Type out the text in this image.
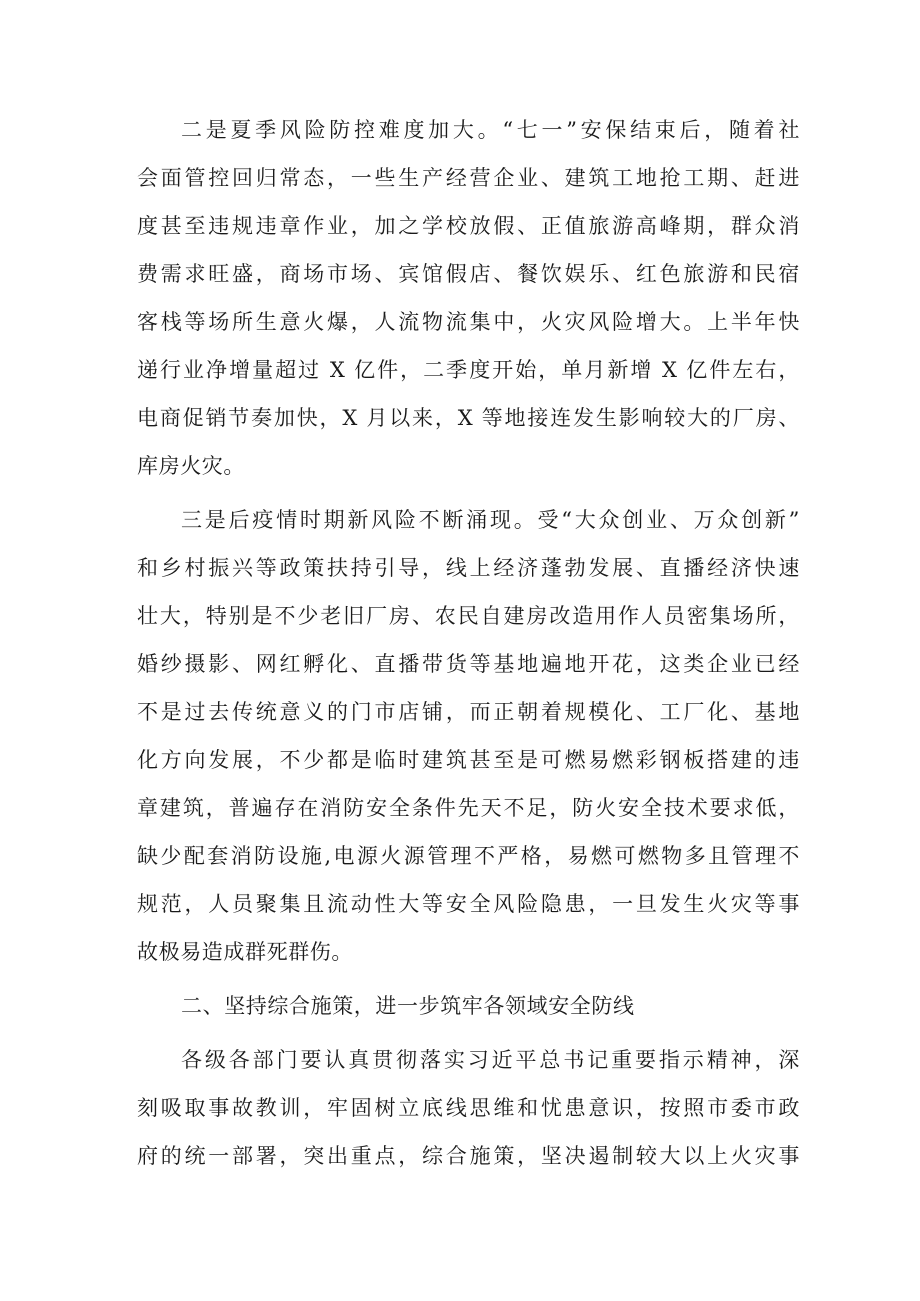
二是夏季风险防控难度加大。“七一”安保结束后，随着社
会面管控回归常态，一些生产经营企业、建筑工地抢工期、赶进
度甚至违规违章作业，加之学校放假、正值旅游高峰期，群众消
费需求旺盛，商场市场、宾馆假店、餐饮娱乐、红色旅游和民宿
客栈等场所生意火爆，人流物流集中，火灾风险增大。上半年快
递行业净增量超过 X 亿件，二季度开始，单月新增 X 亿件左右，
电商促销节奏加快，X 月以来，X 等地接连发生影响较大的厂房、
库房火灾。
三是后疫情时期新风险不断涌现。受“大众创业、万众创新”
和乡村振兴等政策扶持引导，线上经济蓬勃发展、直播经济快速
壮大，特别是不少老旧厂房、农民自建房改造用作人员密集场所，
婚纱摄影、网红孵化、直播带货等基地遍地开花，这类企业已经
不是过去传统意义的门市店铺，而正朝着规模化、工厂化、基地
化方向发展，不少都是临时建筑甚至是可燃易燃彩钢板搭建的违
章建筑，普遍存在消防安全条件先天不足，防火安全技术要求低，
缺少配套消防设施,电源火源管理不严格，易燃可燃物多且管理不
规范，人员聚集且流动性大等安全风险隐患，一旦发生火灾等事
故极易造成群死群伤。
二、坚持综合施策，进一步筑牢各领域安全防线
各级各部门要认真贯彻落实习近平总书记重要指示精神，深
刻吸取事故教训，牢固树立底线思维和忧患意识，按照市委市政
府的统一部署，突出重点，综合施策，坚决遏制较大以上火灾事
